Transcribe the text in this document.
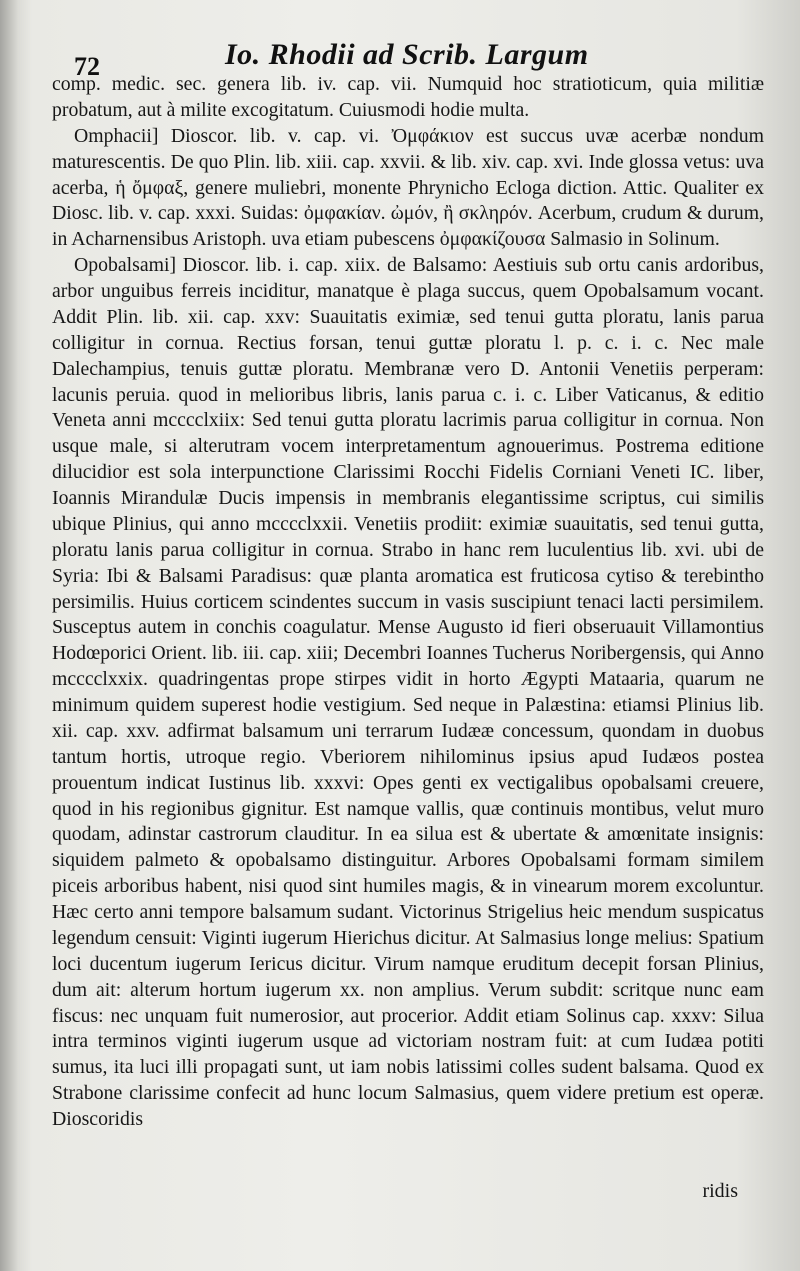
72	Io. Rhodii ad Scrib. Largum

comp. medic. sec. genera lib. iv. cap. vii. Numquid hoc stratioticum, quia militiæ probatum, aut à milite excogitatum. Cuiusmodi hodie multa.

Omphacii] Dioscor. lib. v. cap. vi. Ὀμφάκιον est succus uvæ acerbæ nondum maturescentis. De quo Plin. lib. xiii. cap. xxvii. & lib. xiv. cap. xvi. Inde glossa vetus: uva acerba, ἡ ὄμφαξ, genere muliebri, monente Phrynicho Ecloga diction. Attic. Qualiter ex Diosc. lib. v. cap. xxxi. Suidas: ὀμφακίαν. ὠμόν, ἢ σκληρόν. Acerbum, crudum & durum, in Acharnensibus Aristoph. uva etiam pubescens ὀμφακίζουσα Salmasio in Solinum.

Opobalsami] Dioscor. lib. i. cap. xiix. de Balsamo: Aestiuis sub ortu canis ardoribus, arbor unguibus ferreis inciditur, manatque è plaga succus, quem Opobalsamum vocant. Addit Plin. lib. xii. cap. xxv: Suauitatis eximiæ, sed tenui gutta ploratu, lanis parua colligitur in cornua. Rectius forsan, tenui guttæ ploratu l. p. c. i. c. Nec male Dalechampius, tenuis guttæ ploratu. Membranæ vero D. Antonii Venetiis perperam: lacunis peruia. quod in melioribus libris, lanis parua c. i. c. Liber Vaticanus, & editio Veneta anni mcccclxiix: Sed tenui gutta ploratu lacrimis parua colligitur in cornua. Non usque male, si alterutram vocem interpretamentum agnouerimus. Postrema editione dilucidior est sola interpunctione Clarissimi Rocchi Fidelis Corniani Veneti IC. liber, Ioannis Mirandulæ Ducis impensis in membranis elegantissime scriptus, cui similis ubique Plinius, qui anno mcccclxxii. Venetiis prodiit: eximiæ suauitatis, sed tenui gutta, ploratu lanis parua colligitur in cornua. Strabo in hanc rem luculentius lib. xvi. ubi de Syria: Ibi & Balsami Paradisus: quæ planta aromatica est fruticosa cytiso & terebintho persimilis. Huius corticem scindentes succum in vasis suscipiunt tenaci lacti persimilem. Susceptus autem in conchis coagulatur. Mense Augusto id fieri obseruauit Villamontius Hodœporici Orient. lib. iii. cap. xiii; Decembri Ioannes Tucherus Noribergensis, qui Anno mcccclxxix. quadringentas prope stirpes vidit in horto Ægypti Mataaria, quarum ne minimum quidem superest hodie vestigium. Sed neque in Palæstina: etiamsi Plinius lib. xii. cap. xxv. adfirmat balsamum uni terrarum Iudææ concessum, quondam in duobus tantum hortis, utroque regio. Vberiorem nihilominus ipsius apud Iudæos postea prouentum indicat Iustinus lib. xxxvi: Opes genti ex vectigalibus opobalsami creuere, quod in his regionibus gignitur. Est namque vallis, quæ continuis montibus, velut muro quodam, adinstar castrorum clauditur. In ea silua est & ubertate & amœnitate insignis: siquidem palmeto & opobalsamo distinguitur. Arbores Opobalsami formam similem piceis arboribus habent, nisi quod sint humiles magis, & in vinearum morem excoluntur. Hæc certo anni tempore balsamum sudant. Victorinus Strigelius heic mendum suspicatus legendum censuit: Viginti iugerum Hierichus dicitur. At Salmasius longe melius: Spatium loci ducentum iugerum Iericus dicitur. Virum namque eruditum decepit forsan Plinius, dum ait: alterum hortum iugerum xx. non amplius. Verum subdit: scritque nunc eam fiscus: nec unquam fuit numerosior, aut procerior. Addit etiam Solinus cap. xxxv: Silua intra terminos viginti iugerum usque ad victoriam nostram fuit: at cum Iudæa potiti sumus, ita luci illi propagati sunt, ut iam nobis latissimi colles sudent balsama. Quod ex Strabone clarissime confecit ad hunc locum Salmasius, quem videre pretium est operæ. Dioscoridis

ridis
